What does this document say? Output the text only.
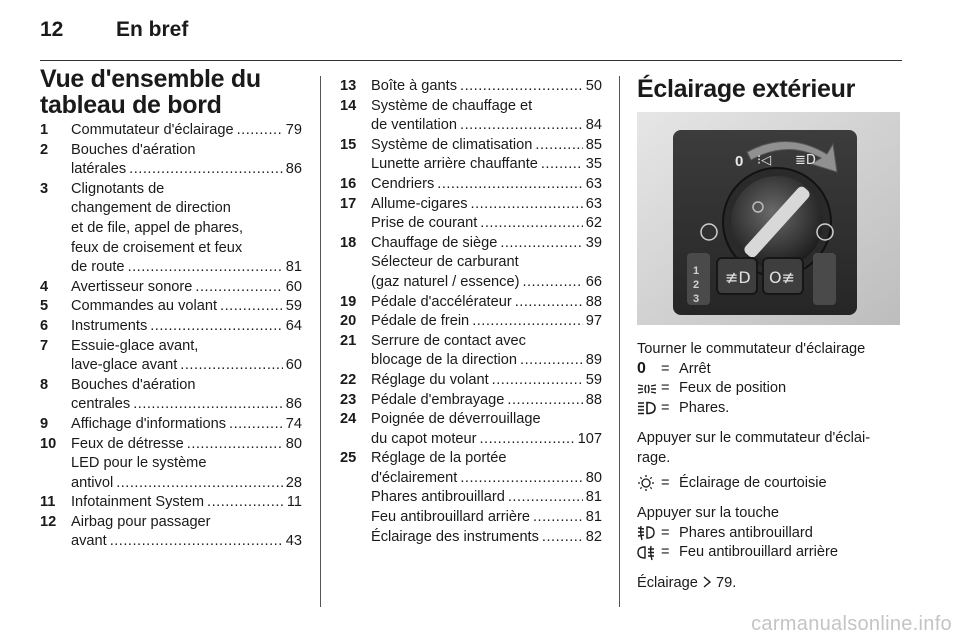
12	En bref
Vue d'ensemble du
tableau de bord
1 Commutateur d'éclairage .....	79
2 Bouches d'aération
latérales .....	86
3 Clignotants de
changement de direction
et de file, appel de phares,
feux de croisement et feux
de route .....	81
4 Avertisseur sonore .....	60
5 Commandes au volant .....	59
6 Instruments .....	64
7 Essuie-glace avant,
lave-glace avant .....	60
8 Bouches d'aération
centrales .....	86
9 Affichage d'informations .....	74
10 Feux de détresse .....	80
LED pour le système
antivol .....	28
11 Infotainment System .....	11
12 Airbag pour passager
avant .....	43
13 Boîte à gants .....	50
14 Système de chauffage et
de ventilation .....	84
15 Système de climatisation .....	85
Lunette arrière chauffante .....	35
16 Cendriers .....	63
17 Allume-cigares .....	63
Prise de courant .....	62
18 Chauffage de siège .....	39
Sélecteur de carburant
(gaz naturel / essence) .....	66
19 Pédale d'accélérateur .....	88
20 Pédale de frein .....	97
21 Serrure de contact avec
blocage de la direction .....	89
22 Réglage du volant .....	59
23 Pédale d'embrayage .....	88
24 Poignée de déverrouillage
du capot moteur .....	107
25 Réglage de la portée
d'éclairement .....	80
Phares antibrouillard .....	81
Feu antibrouillard arrière .....	81
Éclairage des instruments .....	82
Éclairage extérieur
0 ⁝◁ ≣D
1
2
3
≢D O≢
Tourner le commutateur d'éclairage
0	= Arrêt
= Feux de position
= Phares.
Appuyer sur le commutateur d'éclai-
rage.
= Éclairage de courtoisie
Appuyer sur la touche
= Phares antibrouillard
= Feu antibrouillard arrière
Éclairage 79.
carmanualsonline.info
